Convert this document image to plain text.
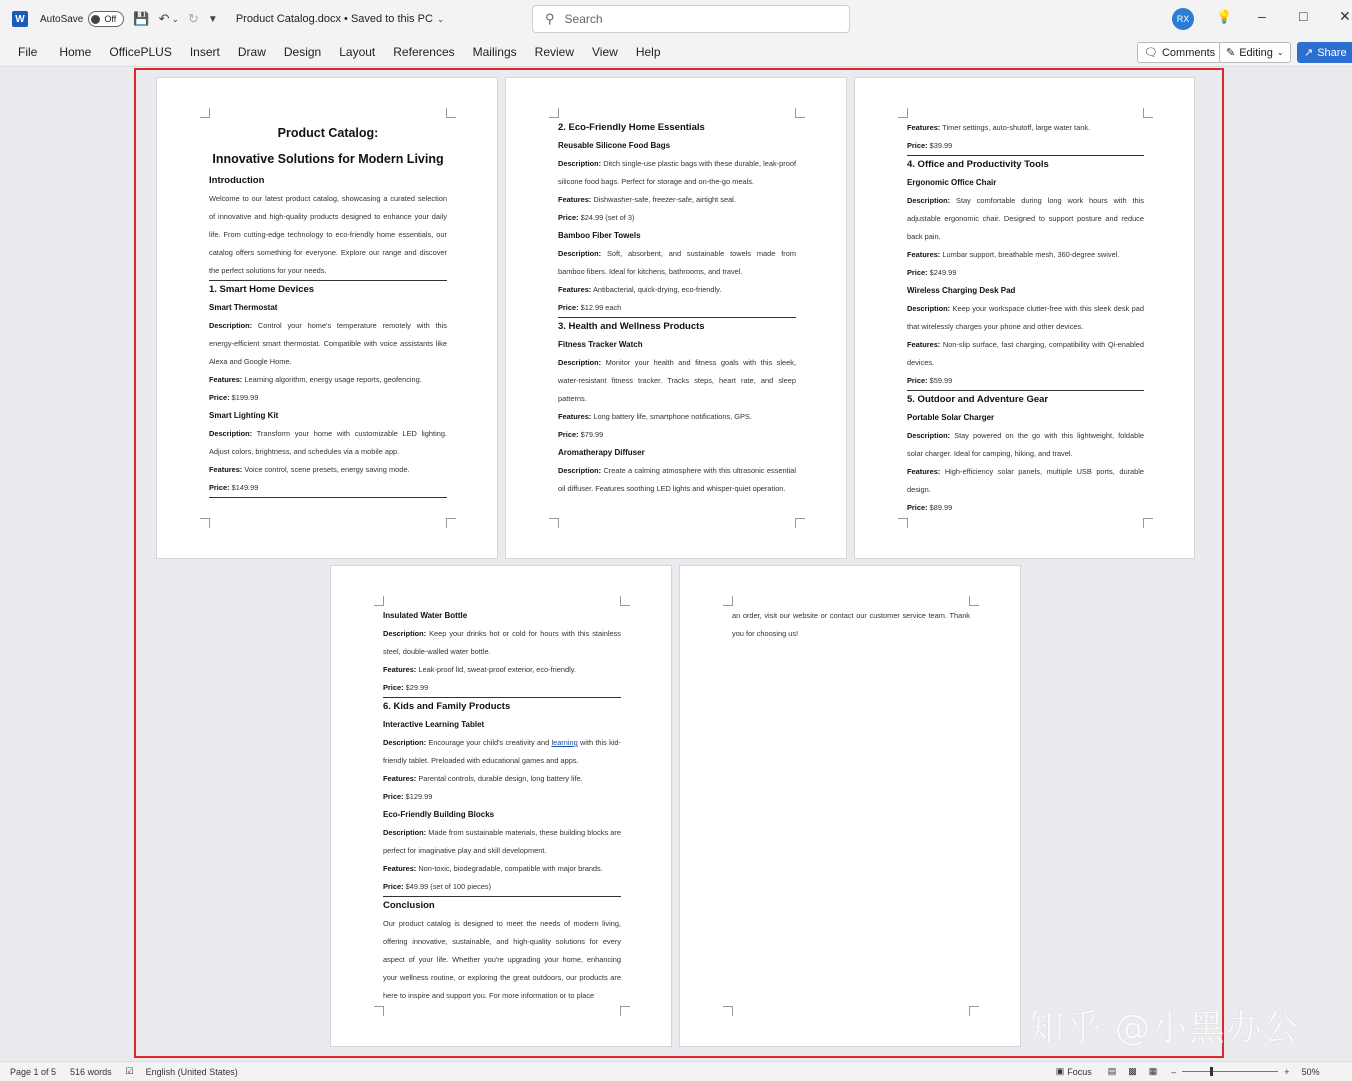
W	AutoSave Off 💾 ↶ ⌄ ↻ ▼ Product Catalog.docx • Saved to this PC ⌄	⚲ Search	RX	💡 – □ ✕
File Home OfficePLUS Insert Draw Design Layout References Mailings Review View Help	🗨 Comments ✎ Editing ⌄ ↗ Share
Product Catalog:
Innovative Solutions for Modern Living
Introduction

Welcome to our latest product catalog, showcasing a curated selection of innovative and high-quality products designed to enhance your daily life. From cutting-edge technology to eco-friendly home essentials, our catalog offers something for everyone. Explore our range and discover the perfect solutions for your needs.

1. Smart Home Devices
Smart Thermostat

Description: Control your home's temperature remotely with this energy-efficient smart thermostat. Compatible with voice assistants like Alexa and Google Home.

Features: Learning algorithm, energy usage reports, geofencing.

Price: $199.99

Smart Lighting Kit

Description: Transform your home with customizable LED lighting. Adjust colors, brightness, and schedules via a mobile app.

Features: Voice control, scene presets, energy saving mode.

Price: $149.99

2. Eco-Friendly Home Essentials
Reusable Silicone Food Bags

Description: Ditch single-use plastic bags with these durable, leak-proof silicone food bags. Perfect for storage and on-the-go meals.

Features: Dishwasher-safe, freezer-safe, airtight seal.

Price: $24.99 (set of 3)

Bamboo Fiber Towels

Description: Soft, absorbent, and sustainable towels made from bamboo fibers. Ideal for kitchens, bathrooms, and travel.

Features: Antibacterial, quick-drying, eco-friendly.

Price: $12.99 each

3. Health and Wellness Products
Fitness Tracker Watch

Description: Monitor your health and fitness goals with this sleek, water-resistant fitness tracker. Tracks steps, heart rate, and sleep patterns.

Features: Long battery life, smartphone notifications, GPS.

Price: $79.99

Aromatherapy Diffuser

Description: Create a calming atmosphere with this ultrasonic essential oil diffuser. Features soothing LED lights and whisper-quiet operation.

Features: Timer settings, auto-shutoff, large water tank.

Price: $39.99

4. Office and Productivity Tools
Ergonomic Office Chair

Description: Stay comfortable during long work hours with this adjustable ergonomic chair. Designed to support posture and reduce back pain.

Features: Lumbar support, breathable mesh, 360-degree swivel.

Price: $249.99

Wireless Charging Desk Pad

Description: Keep your workspace clutter-free with this sleek desk pad that wirelessly charges your phone and other devices.

Features: Non-slip surface, fast charging, compatibility with Qi-enabled devices.

Price: $59.99

5. Outdoor and Adventure Gear
Portable Solar Charger

Description: Stay powered on the go with this lightweight, foldable solar charger. Ideal for camping, hiking, and travel.

Features: High-efficiency solar panels, multiple USB ports, durable design.

Price: $89.99

Insulated Water Bottle

Description: Keep your drinks hot or cold for hours with this stainless steel, double-walled water bottle.

Features: Leak-proof lid, sweat-proof exterior, eco-friendly.

Price: $29.99

6. Kids and Family Products
Interactive Learning Tablet

Description: Encourage your child's creativity and learning with this kid-friendly tablet. Preloaded with educational games and apps.

Features: Parental controls, durable design, long battery life.

Price: $129.99

Eco-Friendly Building Blocks

Description: Made from sustainable materials, these building blocks are perfect for imaginative play and skill development.

Features: Non-toxic, biodegradable, compatible with major brands.

Price: $49.99 (set of 100 pieces)

Conclusion

Our product catalog is designed to meet the needs of modern living, offering innovative, sustainable, and high-quality solutions for every aspect of your life. Whether you're upgrading your home, enhancing your wellness routine, or exploring the great outdoors, our products are here to inspire and support you. For more information or to place

an order, visit our website or contact our customer service team. Thank you for choosing us!

知乎 @小黑办公
Page 1 of 5 516 words ☑ English (United States)	▣ Focus ▤ ▩ ▦ –	+ 50%
